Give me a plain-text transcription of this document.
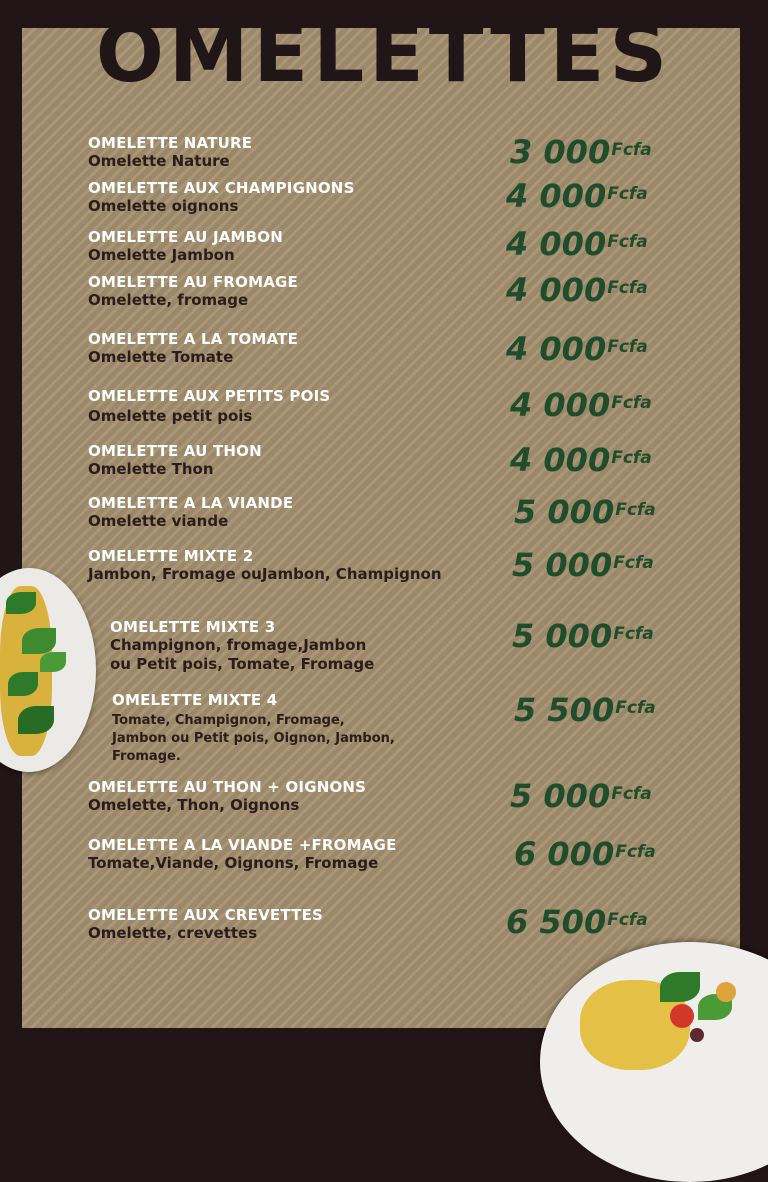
OMELETTES
OMELETTE NATURE
Omelette Nature	3 $000^{Fcfa}$
OMELETTE AUX CHAMPIGNONS
Omelette oignons	4 $000^{Fcfa}$
OMELETTE AU JAMBON
Omelette Jambon	4 $000^{Fcfa}$
OMELETTE AU FROMAGE
Omelette, fromage	4 $000^{Fcfa}$
OMELETTE A LA TOMATE
Omelette Tomate	4 $000^{Fcfa}$
OMELETTE AUX PETITS POIS
Omelette petit pois	4 $000^{Fcfa}$
OMELETTE AU THON
Omelette Thon	4 $000^{Fcfa}$
OMELETTE A LA VIANDE
Omelette viande	5 $000^{Fcfa}$
OMELETTE MIXTE 2
Jambon, Fromage ouJambon, Champignon 5 $000^{Fcfa}$
OMELETTE MIXTE 3
Champignon, fromage,Jambon
ou Petit pois, Tomate, Fromage
5 $000^{Fcfa}$
OMELETTE MIXTE 4
Tomate, Champignon, Fromage,
Jambon ou Petit pois, Oignon, Jambon,
Fromage.
5 $500^{Fcfa}$
OMELETTE AU THON + OIGNONS
Omelette, Thon, Oignons	5 $000^{Fcfa}$
OMELETTE A LA VIANDE +FROMAGE
Tomate,Viande, Oignons, Fromage	6 $000^{Fcfa}$
OMELETTE AUX CREVETTES
Omelette, crevettes	6 $500^{Fcfa}$
